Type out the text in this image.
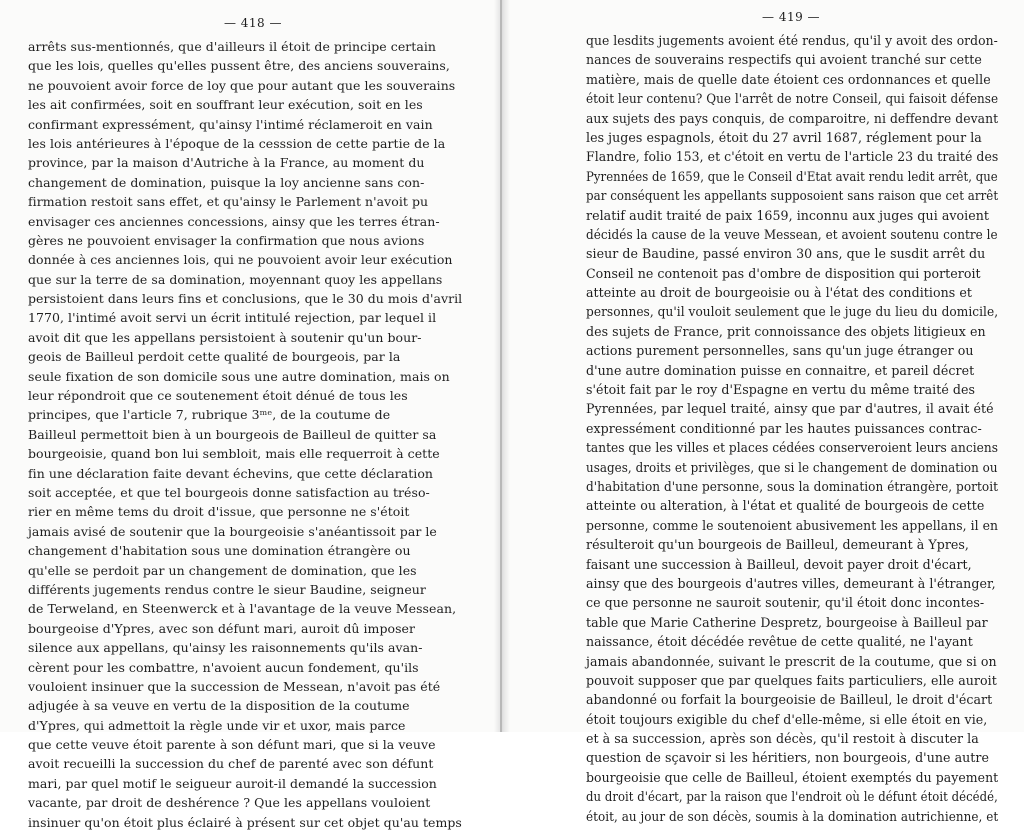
— 418 —
arrêts sus-mentionnés, que d'ailleurs il étoit de principe certain
que les lois, quelles qu'elles pussent être, des anciens souverains,
ne pouvoient avoir force de loy que pour autant que les souverains
les ait confirmées, soit en souffrant leur exécution, soit en les
confirmant expressément, qu'ainsy l'intimé réclameroit en vain
les lois antérieures à l'époque de la cesssion de cette partie de la
province, par la maison d'Autriche à la France, au moment du
changement de domination, puisque la loy ancienne sans con-
firmation restoit sans effet, et qu'ainsy le Parlement n'avoit pu
envisager ces anciennes concessions, ainsy que les terres étran-
gères ne pouvoient envisager la confirmation que nous avions
donnée à ces anciennes lois, qui ne pouvoient avoir leur exécution
que sur la terre de sa domination, moyennant quoy les appellans
persistoient dans leurs fins et conclusions, que le 30 du mois d'avril
1770, l'intimé avoit servi un écrit intitulé rejection, par lequel il
avoit dit que les appellans persistoient à soutenir qu'un bour-
geois de Bailleul perdoit cette qualité de bourgeois, par la
seule fixation de son domicile sous une autre domination, mais on
leur répondroit que ce soutenement étoit dénué de tous les
principes, que l'article 7, rubrique 3ᵐᵉ, de la coutume de
Bailleul permettoit bien à un bourgeois de Bailleul de quitter sa
bourgeoisie, quand bon lui sembloit, mais elle requerroit à cette
fin une déclaration faite devant échevins, que cette déclaration
soit acceptée, et que tel bourgeois donne satisfaction au tréso-
rier en même tems du droit d'issue, que personne ne s'étoit
jamais avisé de soutenir que la bourgeoisie s'anéantissoit par le
changement d'habitation sous une domination étrangère ou
qu'elle se perdoit par un changement de domination, que les
différents jugements rendus contre le sieur Baudine, seigneur
de Terweland, en Steenwerck et à l'avantage de la veuve Messean,
bourgeoise d'Ypres, avec son défunt mari, auroit dû imposer
silence aux appellans, qu'ainsy les raisonnements qu'ils avan-
cèrent pour les combattre, n'avoient aucun fondement, qu'ils
vouloient insinuer que la succession de Messean, n'avoit pas été
adjugée à sa veuve en vertu de la disposition de la coutume
d'Ypres, qui admettoit la règle unde vir et uxor, mais parce
que cette veuve étoit parente à son défunt mari, que si la veuve
avoit recueilli la succession du chef de parenté avec son défunt
mari, par quel motif le seigueur auroit-il demandé la succession
vacante, par droit de deshérence ? Que les appellans vouloient
insinuer qu'on étoit plus éclairé à présent sur cet objet qu'au temps
— 419 —
que lesdits jugements avoient été rendus, qu'il y avoit des ordon-
nances de souverains respectifs qui avoient tranché sur cette
matière, mais de quelle date étoient ces ordonnances et quelle
étoit leur contenu? Que l'arrêt de notre Conseil, qui faisoit défense
aux sujets des pays conquis, de comparoitre, ni deffendre devant
les juges espagnols, étoit du 27 avril 1687, réglement pour la
Flandre, folio 153, et c'étoit en vertu de l'article 23 du traité des
Pyrennées de 1659, que le Conseil d'Etat avait rendu ledit arrêt, que
par conséquent les appellants supposoient sans raison que cet arrêt
relatif audit traité de paix 1659, inconnu aux juges qui avoient
décidés la cause de la veuve Messean, et avoient soutenu contre le
sieur de Baudine, passé environ 30 ans, que le susdit arrêt du
Conseil ne contenoit pas d'ombre de disposition qui porteroit
atteinte au droit de bourgeoisie ou à l'état des conditions et
personnes, qu'il vouloit seulement que le juge du lieu du domicile,
des sujets de France, prit connoissance des objets litigieux en
actions purement personnelles, sans qu'un juge étranger ou
d'une autre domination puisse en connaitre, et pareil décret
s'étoit fait par le roy d'Espagne en vertu du même traité des
Pyrennées, par lequel traité, ainsy que par d'autres, il avait été
expressément conditionné par les hautes puissances contrac-
tantes que les villes et places cédées conserveroient leurs anciens
usages, droits et privilèges, que si le changement de domination ou
d'habitation d'une personne, sous la domination étrangère, portoit
atteinte ou alteration, à l'état et qualité de bourgeois de cette
personne, comme le soutenoient abusivement les appellans, il en
résulteroit qu'un bourgeois de Bailleul, demeurant à Ypres,
faisant une succession à Bailleul, devoit payer droit d'écart,
ainsy que des bourgeois d'autres villes, demeurant à l'étranger,
ce que personne ne sauroit soutenir, qu'il étoit donc incontes-
table que Marie Catherine Despretz, bourgeoise à Bailleul par
naissance, étoit décédée revêtue de cette qualité, ne l'ayant
jamais abandonnée, suivant le prescrit de la coutume, que si on
pouvoit supposer que par quelques faits particuliers, elle auroit
abandonné ou forfait la bourgeoisie de Bailleul, le droit d'écart
étoit toujours exigible du chef d'elle-même, si elle étoit en vie,
et à sa succession, après son décès, qu'il restoit à discuter la
question de sçavoir si les héritiers, non bourgeois, d'une autre
bourgeoisie que celle de Bailleul, étoient exemptés du payement
du droit d'écart, par la raison que l'endroit où le défunt étoit décédé,
étoit, au jour de son décès, soumis à la domination autrichienne, et
